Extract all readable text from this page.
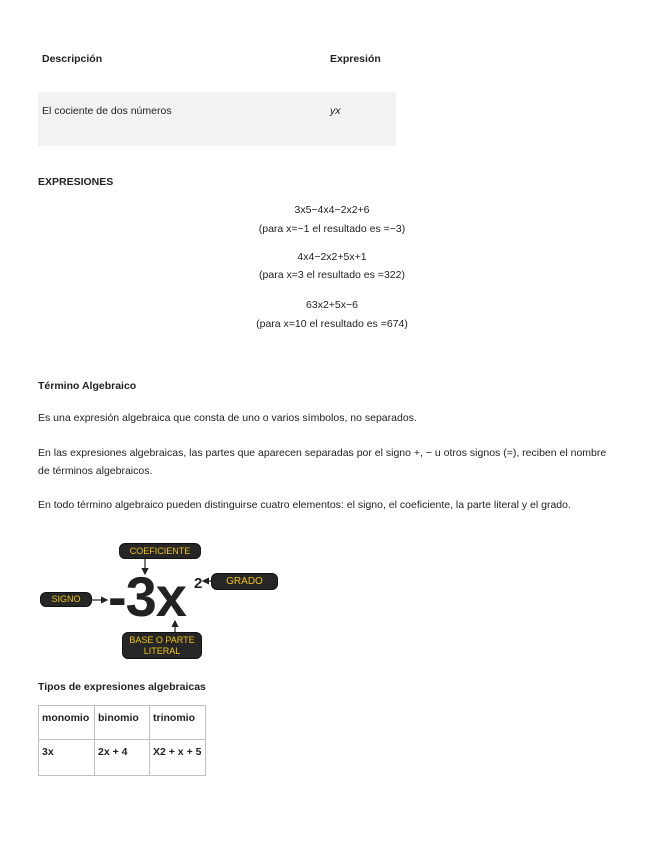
Descripción	Expresión
El cociente de dos números	yx
EXPRESIONES
3x5−4x4−2x2+6
(para x=−1 el resultado es =−3)
4x4−2x2+5x+1
(para x=3 el resultado es =322)
63x2+5x−6
(para x=10 el resultado es =674)
Término Algebraico
Es una expresión algebraica que consta de uno o varios símbolos, no separados.
En las expresiones algebraicas, las partes que aparecen separadas por el signo +, − u otros signos (=), reciben el nombre
de términos algebraicos.
En todo término algebraico pueden distinguirse cuatro elementos: el signo, el coeficiente, la parte literal y el grado.
COEFICIENTE
GRADO
SIGNO
BASE O PARTE
LITERAL
-3x 2
Tipos de expresiones algebraicas
monomio	binomio	trinomio
3x	2x + 4	X2 + x + 5
